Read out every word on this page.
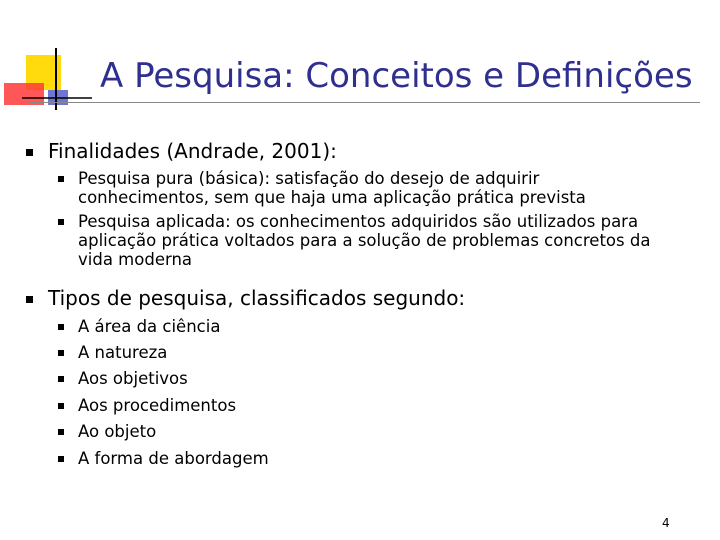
A Pesquisa: Conceitos e Definições
Finalidades (Andrade, 2001):
Pesquisa pura (básica): satisfação do desejo de adquirir
conhecimentos, sem que haja uma aplicação prática prevista
Pesquisa aplicada: os conhecimentos adquiridos são utilizados para
aplicação prática voltados para a solução de problemas concretos da
vida moderna
Tipos de pesquisa, classificados segundo:
A área da ciência
A natureza
Aos objetivos
Aos procedimentos
Ao objeto
A forma de abordagem
4
